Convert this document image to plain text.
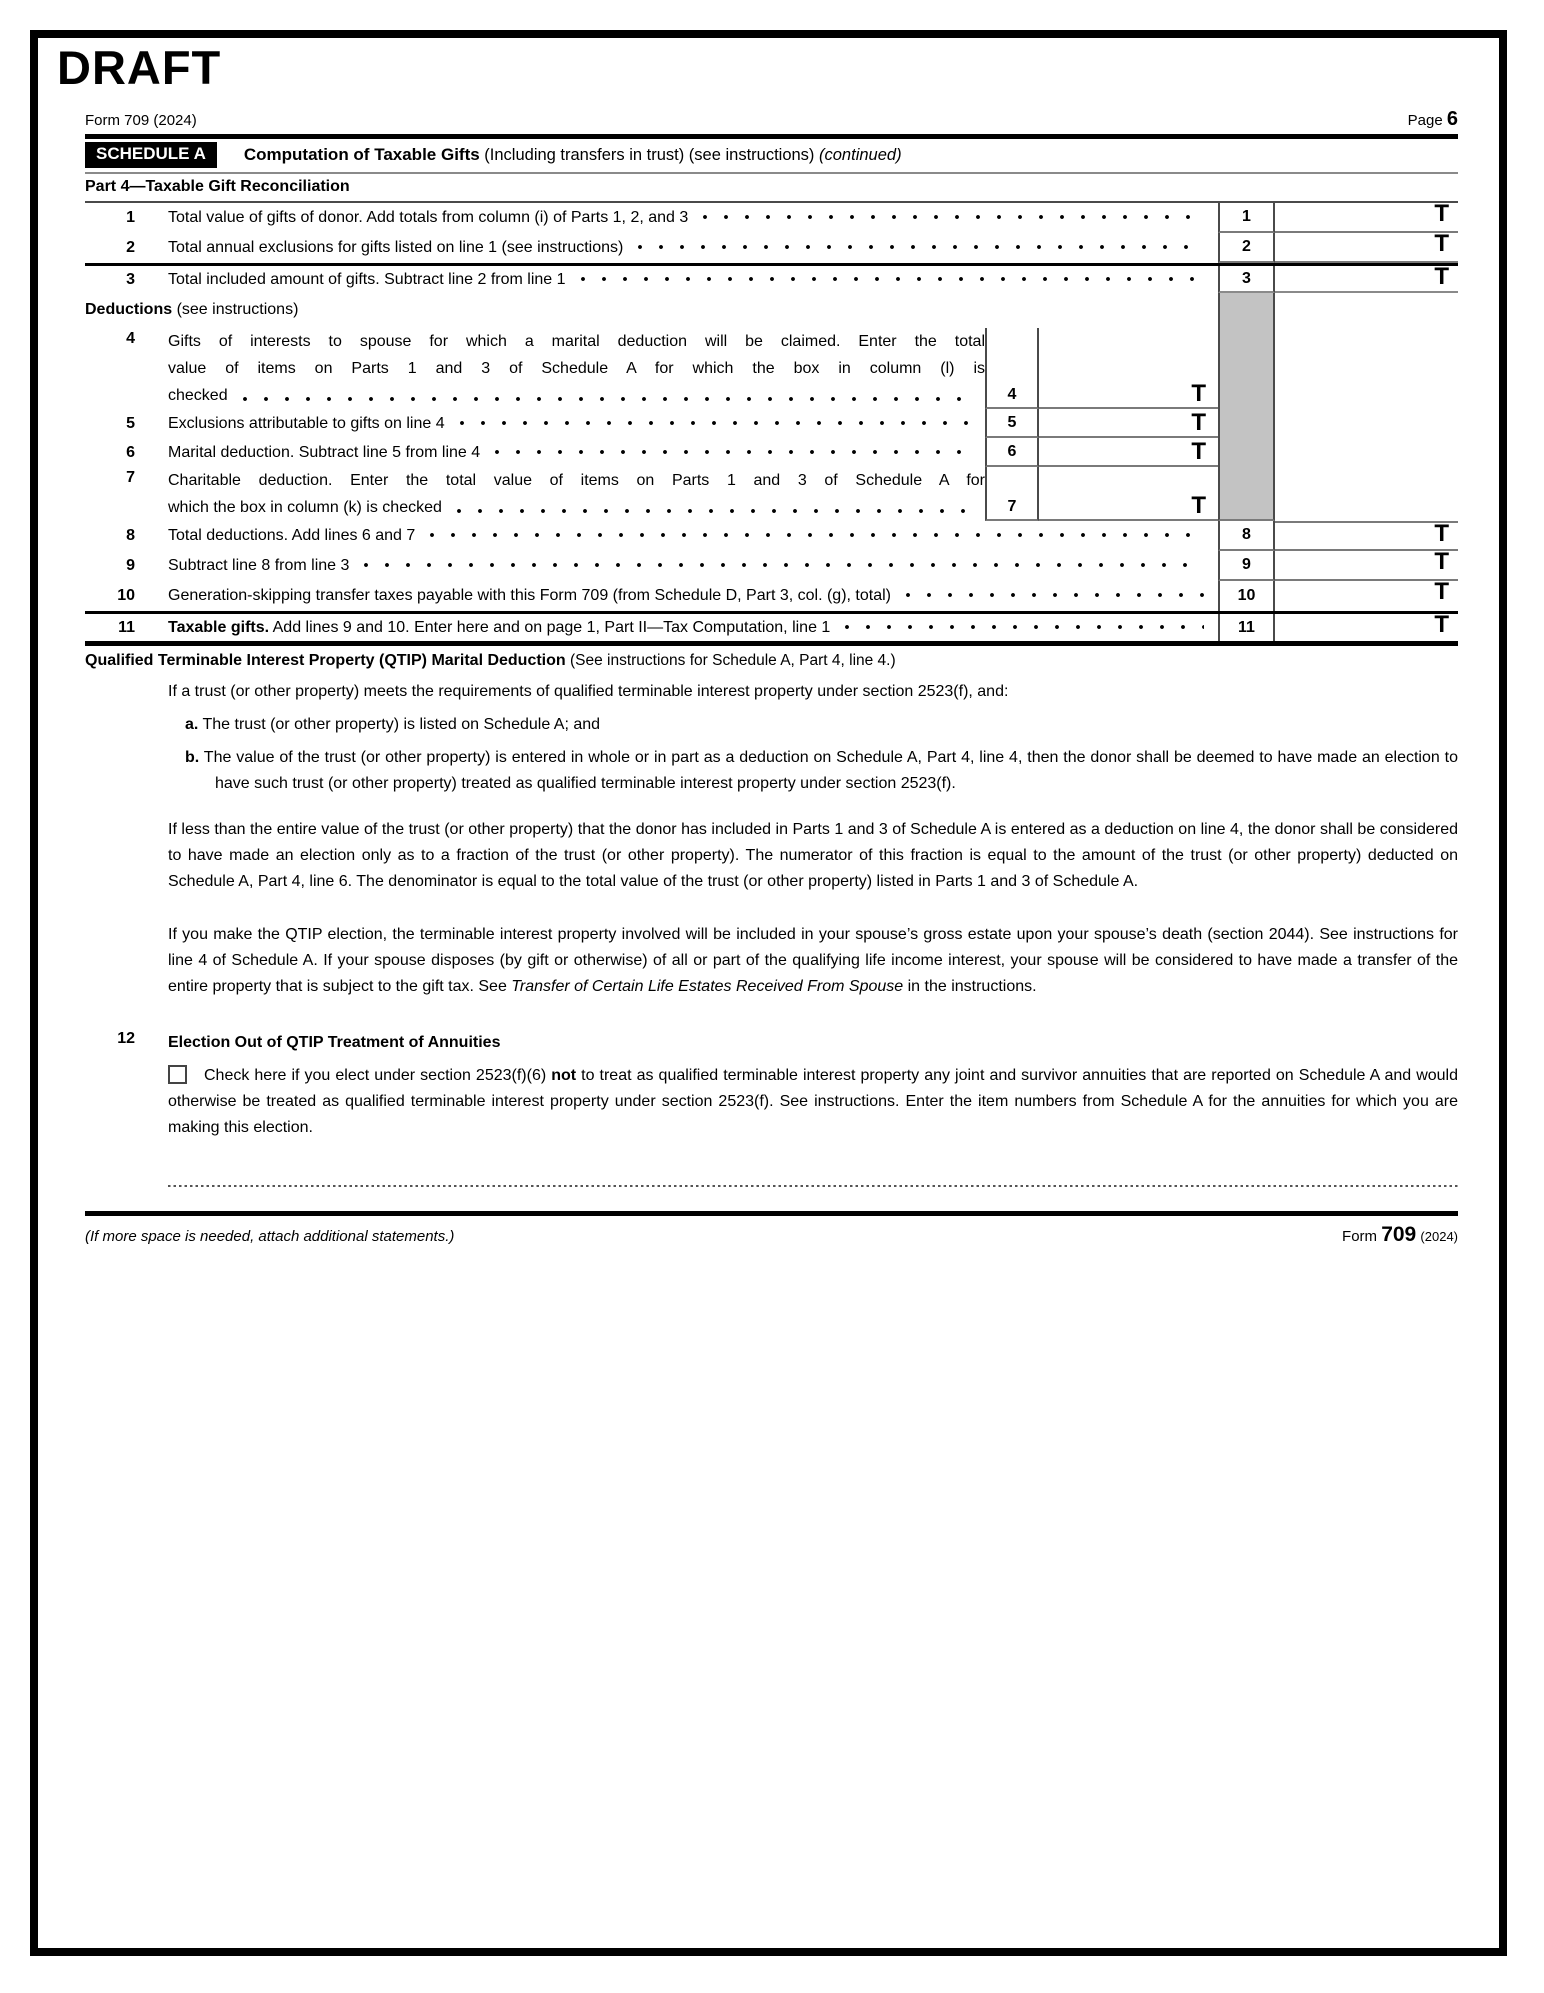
DRAFT
Form 709 (2024)	Page 6
SCHEDULE A	Computation of Taxable Gifts (Including transfers in trust) (see instructions) (continued)
Part 4—Taxable Gift Reconciliation
1 Total value of gifts of donor. Add totals from column (i) of Parts 1, 2, and 3	1	T
2 Total annual exclusions for gifts listed on line 1 (see instructions)	2	T
3 Total included amount of gifts. Subtract line 2 from line 1	3	T
Deductions (see instructions)
4 Gifts of interests to spouse for which a marital deduction will be claimed. Enter the total
value of items on Parts 1 and 3 of Schedule A for which the box in column (l) is
checked	4	T
5 Exclusions attributable to gifts on line 4	5	T
6 Marital deduction. Subtract line 5 from line 4	6	T
7 Charitable deduction. Enter the total value of items on Parts 1 and 3 of Schedule A for
which the box in column (k) is checked	7	T
8 Total deductions. Add lines 6 and 7	8	T
9 Subtract line 8 from line 3	9	T
10 Generation-skipping transfer taxes payable with this Form 709 (from Schedule D, Part 3, col. (g), total)	10	T
11 Taxable gifts. Add lines 9 and 10. Enter here and on page 1, Part II—Tax Computation, line 1	11	T
Qualified Terminable Interest Property (QTIP) Marital Deduction (See instructions for Schedule A, Part 4, line 4.)
If a trust (or other property) meets the requirements of qualified terminable interest property under section 2523(f), and:
a. The trust (or other property) is listed on Schedule A; and
b. The value of the trust (or other property) is entered in whole or in part as a deduction on Schedule A, Part 4, line 4, then the donor shall be deemed to have made an election to have such trust (or other property) treated as qualified terminable interest property under section 2523(f).
If less than the entire value of the trust (or other property) that the donor has included in Parts 1 and 3 of Schedule A is entered as a deduction on line 4, the donor shall be considered to have made an election only as to a fraction of the trust (or other property). The numerator of this fraction is equal to the amount of the trust (or other property) deducted on Schedule A, Part 4, line 6. The denominator is equal to the total value of the trust (or other property) listed in Parts 1 and 3 of Schedule A.
If you make the QTIP election, the terminable interest property involved will be included in your spouse’s gross estate upon your spouse’s death (section 2044). See instructions for line 4 of Schedule A. If your spouse disposes (by gift or otherwise) of all or part of the qualifying life income interest, your spouse will be considered to have made a transfer of the entire property that is subject to the gift tax. See Transfer of Certain Life Estates Received From Spouse in the instructions.
12 Election Out of QTIP Treatment of Annuities
Check here if you elect under section 2523(f)(6) not to treat as qualified terminable interest property any joint and survivor annuities that are reported on Schedule A and would otherwise be treated as qualified terminable interest property under section 2523(f). See instructions. Enter the item numbers from Schedule A for the annuities for which you are making this election.
(If more space is needed, attach additional statements.)	Form 709 (2024)
